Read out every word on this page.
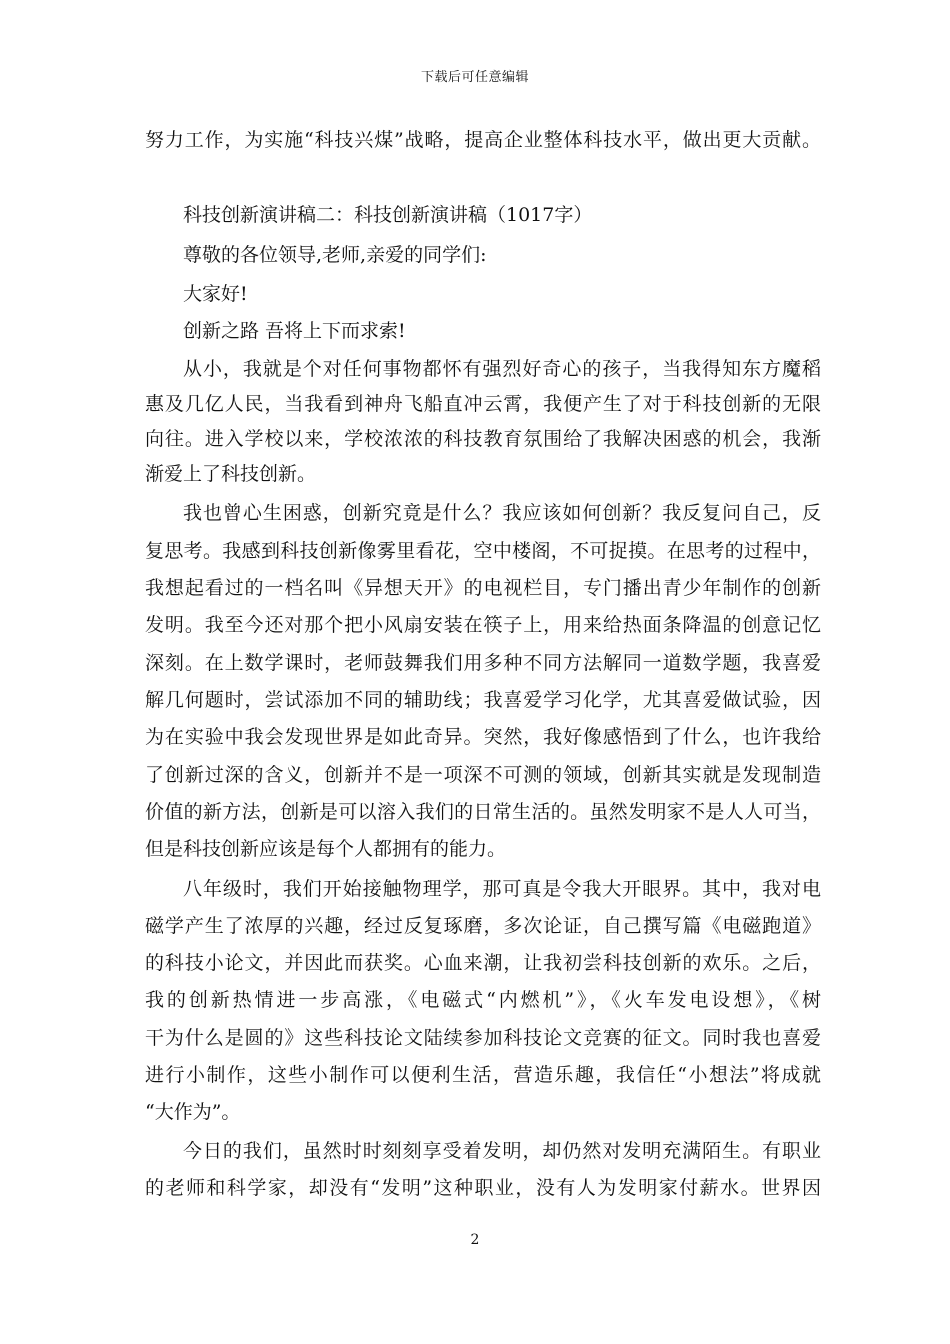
下载后可任意编辑
努力工作，为实施“科技兴煤”战略，提高企业整体科技水平，做出更大贡献。
科技创新演讲稿二：科技创新演讲稿（1017字）
尊敬的各位领导,老师,亲爱的同学们:
大家好!
创新之路 吾将上下而求索!
从小，我就是个对任何事物都怀有强烈好奇心的孩子，当我得知东方魔稻
惠及几亿人民，当我看到神舟飞船直冲云霄，我便产生了对于科技创新的无限
向往。进入学校以来，学校浓浓的科技教育氛围给了我解决困惑的机会，我渐
渐爱上了科技创新。
我也曾心生困惑，创新究竟是什么？我应该如何创新？我反复问自己，反
复思考。我感到科技创新像雾里看花，空中楼阁，不可捉摸。在思考的过程中，
我想起看过的一档名叫《异想天开》的电视栏目，专门播出青少年制作的创新
发明。我至今还对那个把小风扇安装在筷子上，用来给热面条降温的创意记忆
深刻。在上数学课时，老师鼓舞我们用多种不同方法解同一道数学题，我喜爱
解几何题时，尝试添加不同的辅助线；我喜爱学习化学，尤其喜爱做试验，因
为在实验中我会发现世界是如此奇异。突然，我好像感悟到了什么，也许我给
了创新过深的含义，创新并不是一项深不可测的领域，创新其实就是发现制造
价值的新方法，创新是可以溶入我们的日常生活的。虽然发明家不是人人可当，
但是科技创新应该是每个人都拥有的能力。
八年级时，我们开始接触物理学，那可真是令我大开眼界。其中，我对电
磁学产生了浓厚的兴趣，经过反复琢磨，多次论证，自己撰写篇《电磁跑道》
的科技小论文，并因此而获奖。心血来潮，让我初尝科技创新的欢乐。之后，
我的创新热情进一步高涨，《电磁式“内燃机”》，《火车发电设想》，《树
干为什么是圆的》这些科技论文陆续参加科技论文竞赛的征文。同时我也喜爱
进行小制作，这些小制作可以便利生活，营造乐趣，我信任“小想法”将成就
“大作为”。
今日的我们，虽然时时刻刻享受着发明，却仍然对发明充满陌生。有职业
的老师和科学家，却没有“发明”这种职业，没有人为发明家付薪水。世界因
2
